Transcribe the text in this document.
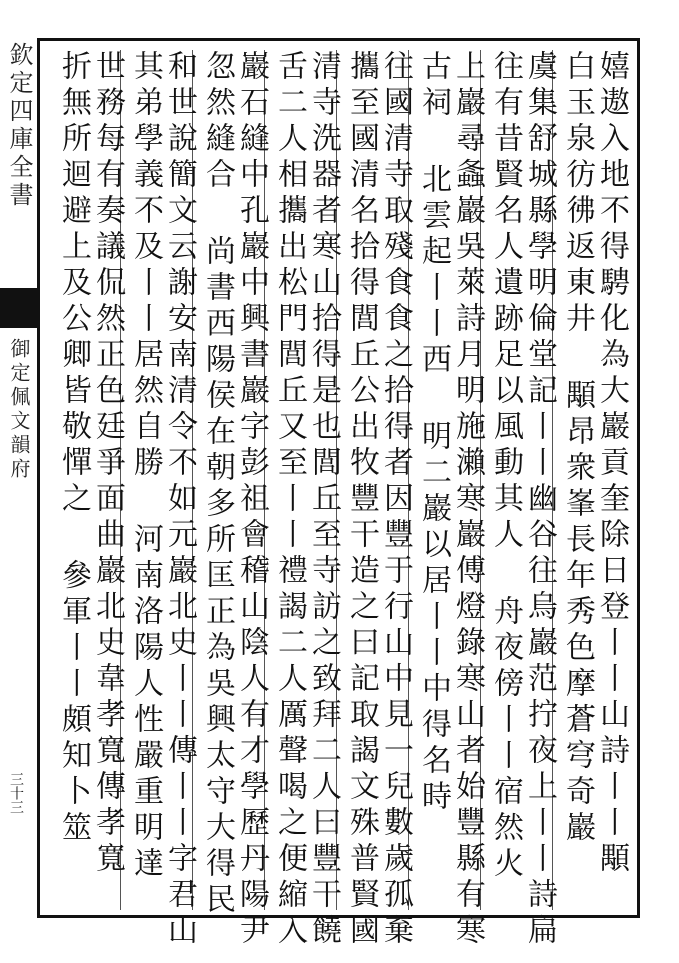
欽定四庫全書
御定佩文韻府
三十三	嬉遨入地不得騁化為大巖貢奎除日登丨丨山詩丨丨顒
白玉泉彷彿返東井 顒昂衆峯長年秀色摩蒼穹奇巖
虞集舒城縣學明倫堂記丨丨幽谷往烏巖范拧夜上丨丨詩扁
往有昔賢名人遺跡足以風動其人 舟夜傍丨丨宿然火
上巖尋螽巖吳萊詩月明施瀨寒巖傅燈錄寒山者始豐縣有寒
古祠 北雲起丨丨西 明二巖以居丨丨中得名時
往國清寺取殘食食之拾得者因豐于行山中見一兒數歲孤棄
攜至國清名拾得閭丘公出牧豐干造之曰記取謁文殊普賢國
清寺洗器者寒山拾得是也閭丘至寺訪之致拜二人曰豐干饒
舌二人相攜出松門閭丘又至丨丨禮謁二人厲聲喝之便縮入
巖石縫中孔巖中興書巖字彭祖會稽山陰人有才學歷丹陽尹
忽然縫合 尚書西陽侯在朝多所匡正為吳興太守大得民
和世說簡文云謝安南清令不如元巖北史丨丨傳丨丨字君山
其弟學義不及丨丨居然自勝 河南洛陽人性嚴重明達
世務每有奏議侃然正色廷爭面曲巖北史韋孝寬傳孝寬
折無所迴避上及公卿皆敬憚之 參軍丨丨頗知卜筮
